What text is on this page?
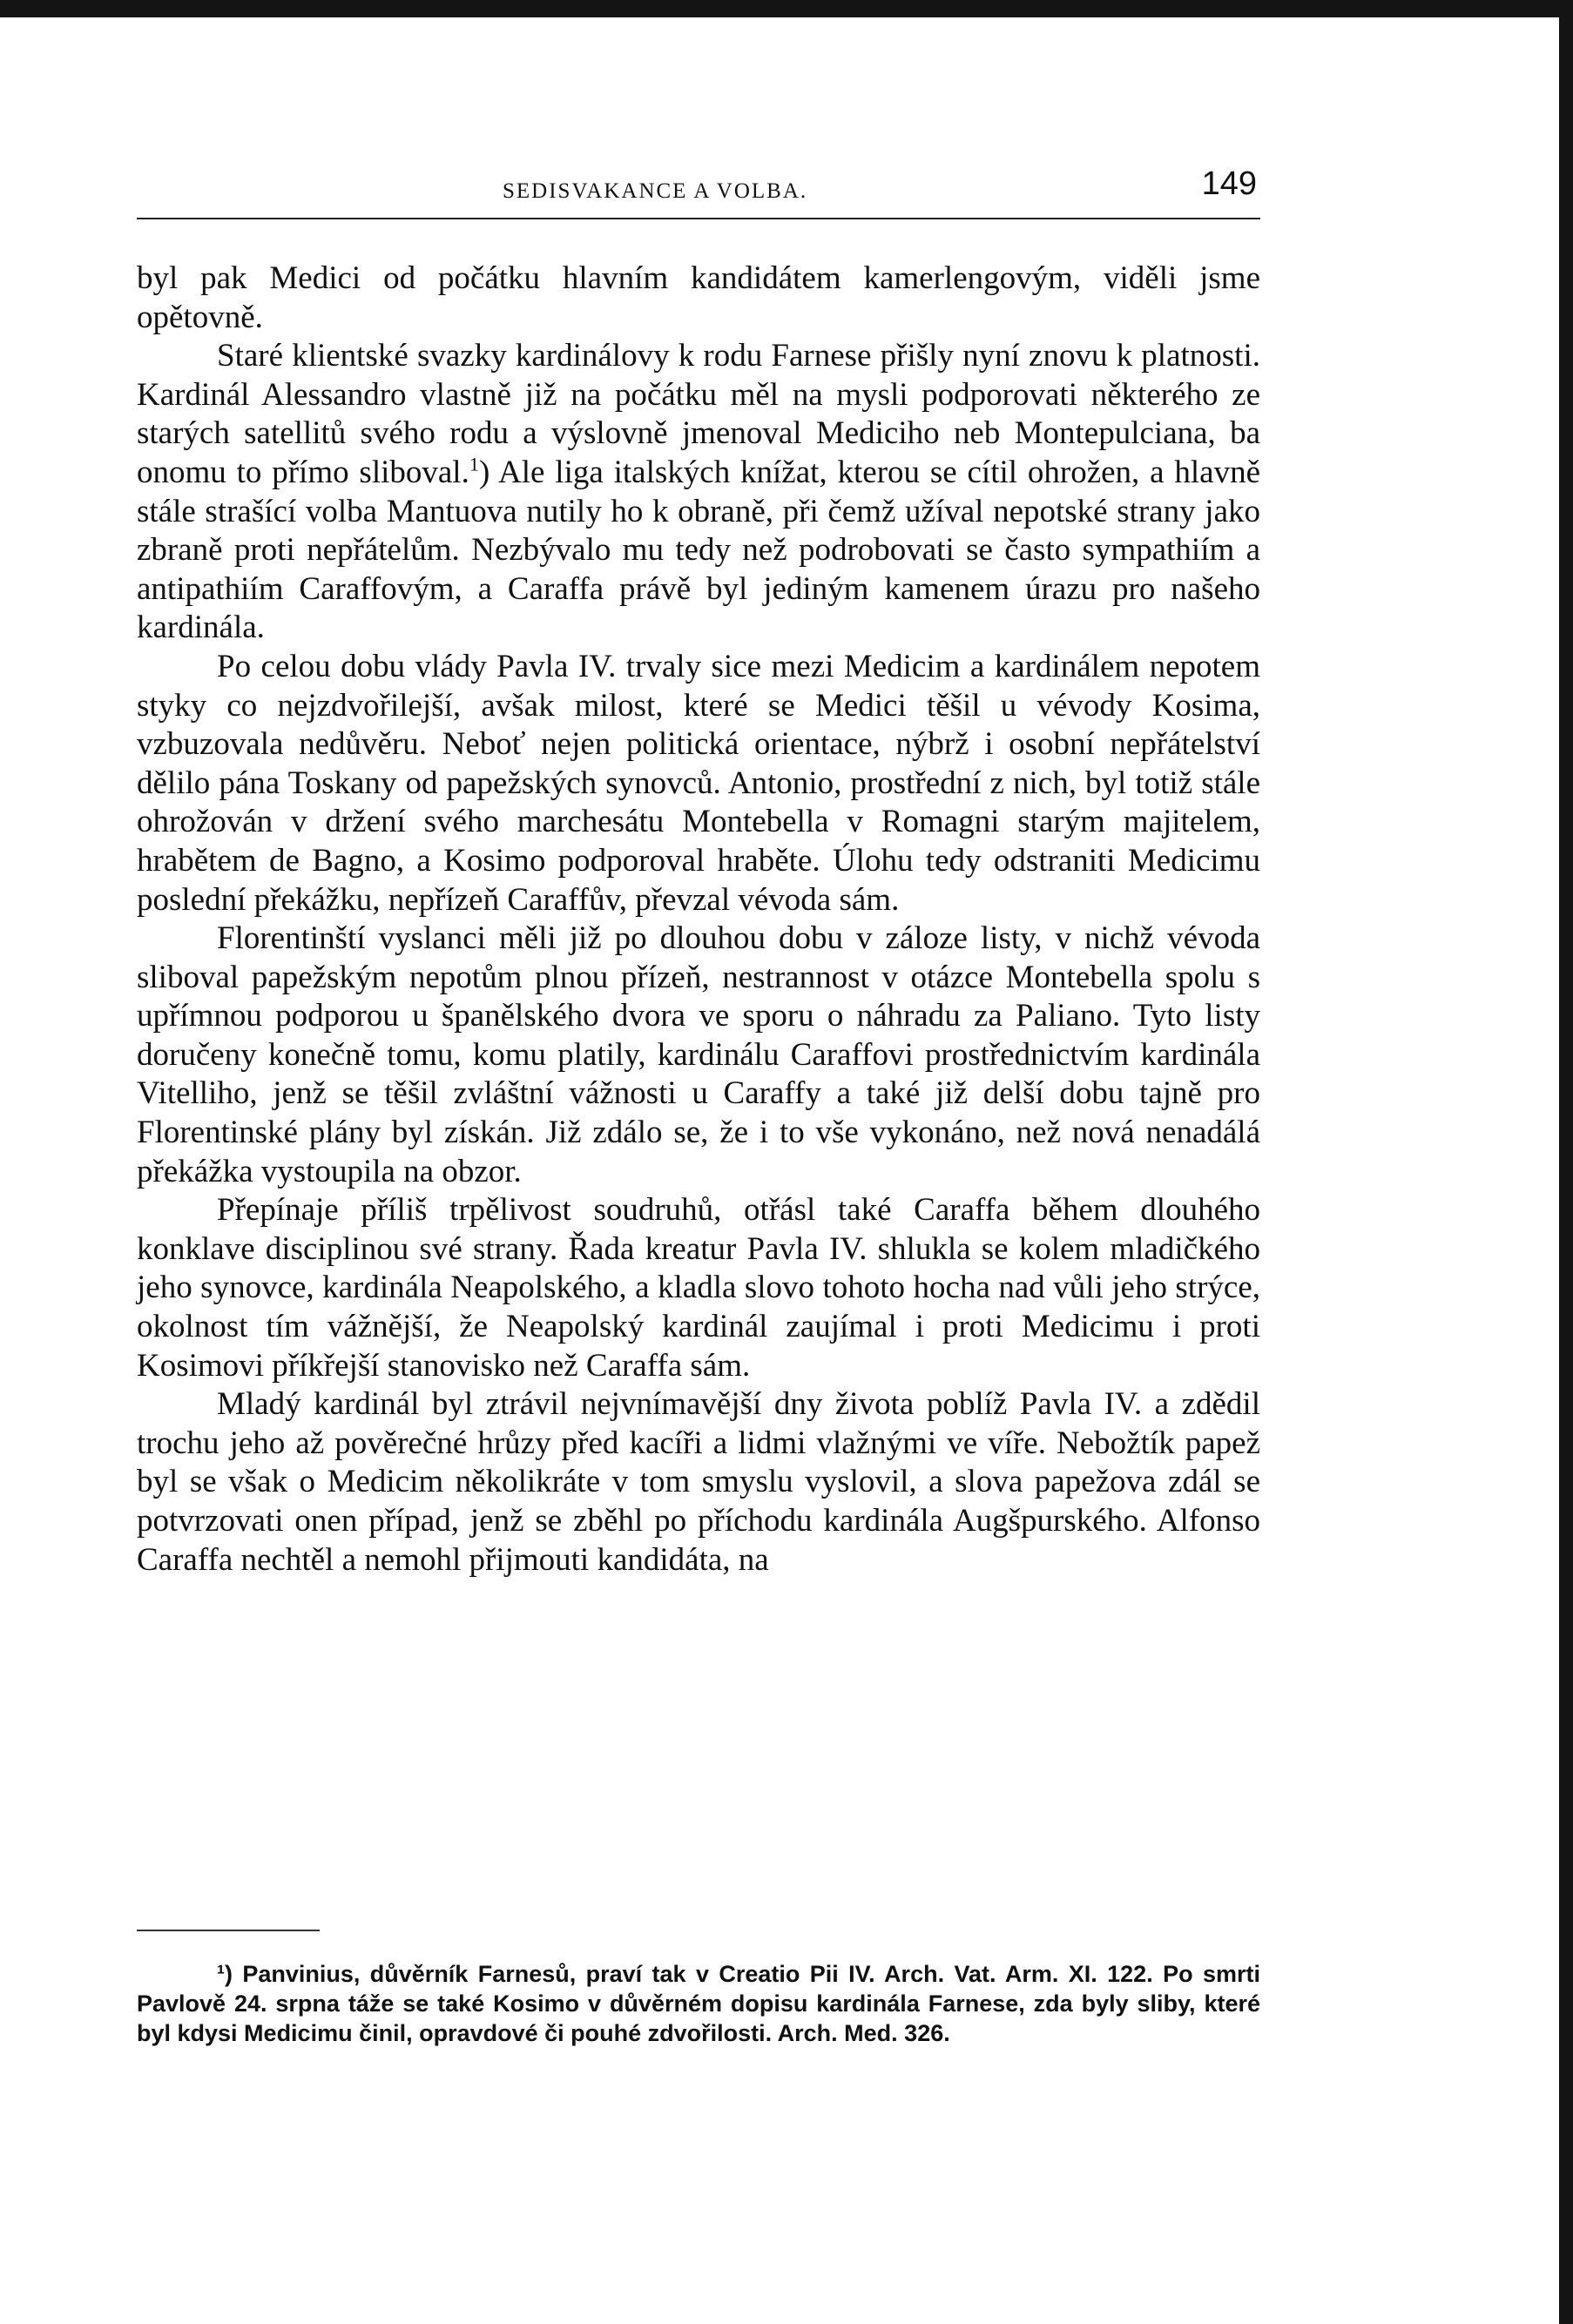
SEDISVAKANCE A VOLBA.	149

byl pak Medici od počátku hlavním kandidátem kamerlengovým, viděli jsme opětovně.

Staré klientské svazky kardinálovy k rodu Farnese přišly nyní znovu k platnosti. Kardinál Alessandro vlastně již na počátku měl na mysli podporovati některého ze starých satellitů svého rodu a výslovně jmenoval Mediciho neb Montepulciana, ba onomu to přímo sliboval.$^1$) Ale liga italských knížat, kterou se cítil ohrožen, a hlavně stále strašící volba Mantuova nutily ho k obraně, při čemž užíval nepotské strany jako zbraně proti nepřátelům. Nezbývalo mu tedy než podrobovati se často sympathiím a antipathiím Caraffovým, a Caraffa právě byl jediným kamenem úrazu pro našeho kardinála.

Po celou dobu vlády Pavla IV. trvaly sice mezi Medicim a kardinálem nepotem styky co nejzdvořilejší, avšak milost, které se Medici těšil u vévody Kosima, vzbuzovala nedůvěru. Neboť nejen politická orientace, nýbrž i osobní nepřátelství dělilo pána Toskany od papežských synovců. Antonio, prostřední z nich, byl totiž stále ohrožován v držení svého marchesátu Montebella v Romagni starým majitelem, hrabětem de Bagno, a Kosimo podporoval hraběte. Úlohu tedy odstraniti Medicimu poslední překážku, nepřízeň Caraffův, převzal vévoda sám.

Florentinští vyslanci měli již po dlouhou dobu v záloze listy, v nichž vévoda sliboval papežským nepotům plnou přízeň, nestrannost v otázce Montebella spolu s upřímnou podporou u španělského dvora ve sporu o náhradu za Paliano. Tyto listy doručeny konečně tomu, komu platily, kardinálu Caraffovi prostřednictvím kardinála Vitelliho, jenž se těšil zvláštní vážnosti u Caraffy a také již delší dobu tajně pro Florentinské plány byl získán. Již zdálo se, že i to vše vykonáno, než nová nenadálá překážka vystoupila na obzor.

Přepínaje příliš trpělivost soudruhů, otřásl také Caraffa během dlouhého konklave disciplinou své strany. Řada kreatur Pavla IV. shlukla se kolem mladičkého jeho synovce, kardinála Neapolského, a kladla slovo tohoto hocha nad vůli jeho strýce, okolnost tím vážnější, že Neapolský kardinál zaujímal i proti Medicimu i proti Kosimovi příkřejší stanovisko než Caraffa sám.

Mladý kardinál byl ztrávil nejvnímavější dny života poblíž Pavla IV. a zdědil trochu jeho až pověrečné hrůzy před kacíři a lidmi vlažnými ve víře. Nebožtík papež byl se však o Medicim několikráte v tom smyslu vyslovil, a slova papežova zdál se potvrzovati onen případ, jenž se zběhl po příchodu kardinála Augšpurského. Alfonso Caraffa nechtěl a nemohl přijmouti kandidáta, na

¹) Panvinius, důvěrník Farnesů, praví tak v Creatio Pii IV. Arch. Vat. Arm. XI. 122. Po smrti Pavlově 24. srpna táže se také Kosimo v důvěrném dopisu kardinála Farnese, zda byly sliby, které byl kdysi Medicimu činil, opravdové či pouhé zdvořilosti. Arch. Med. 326.
